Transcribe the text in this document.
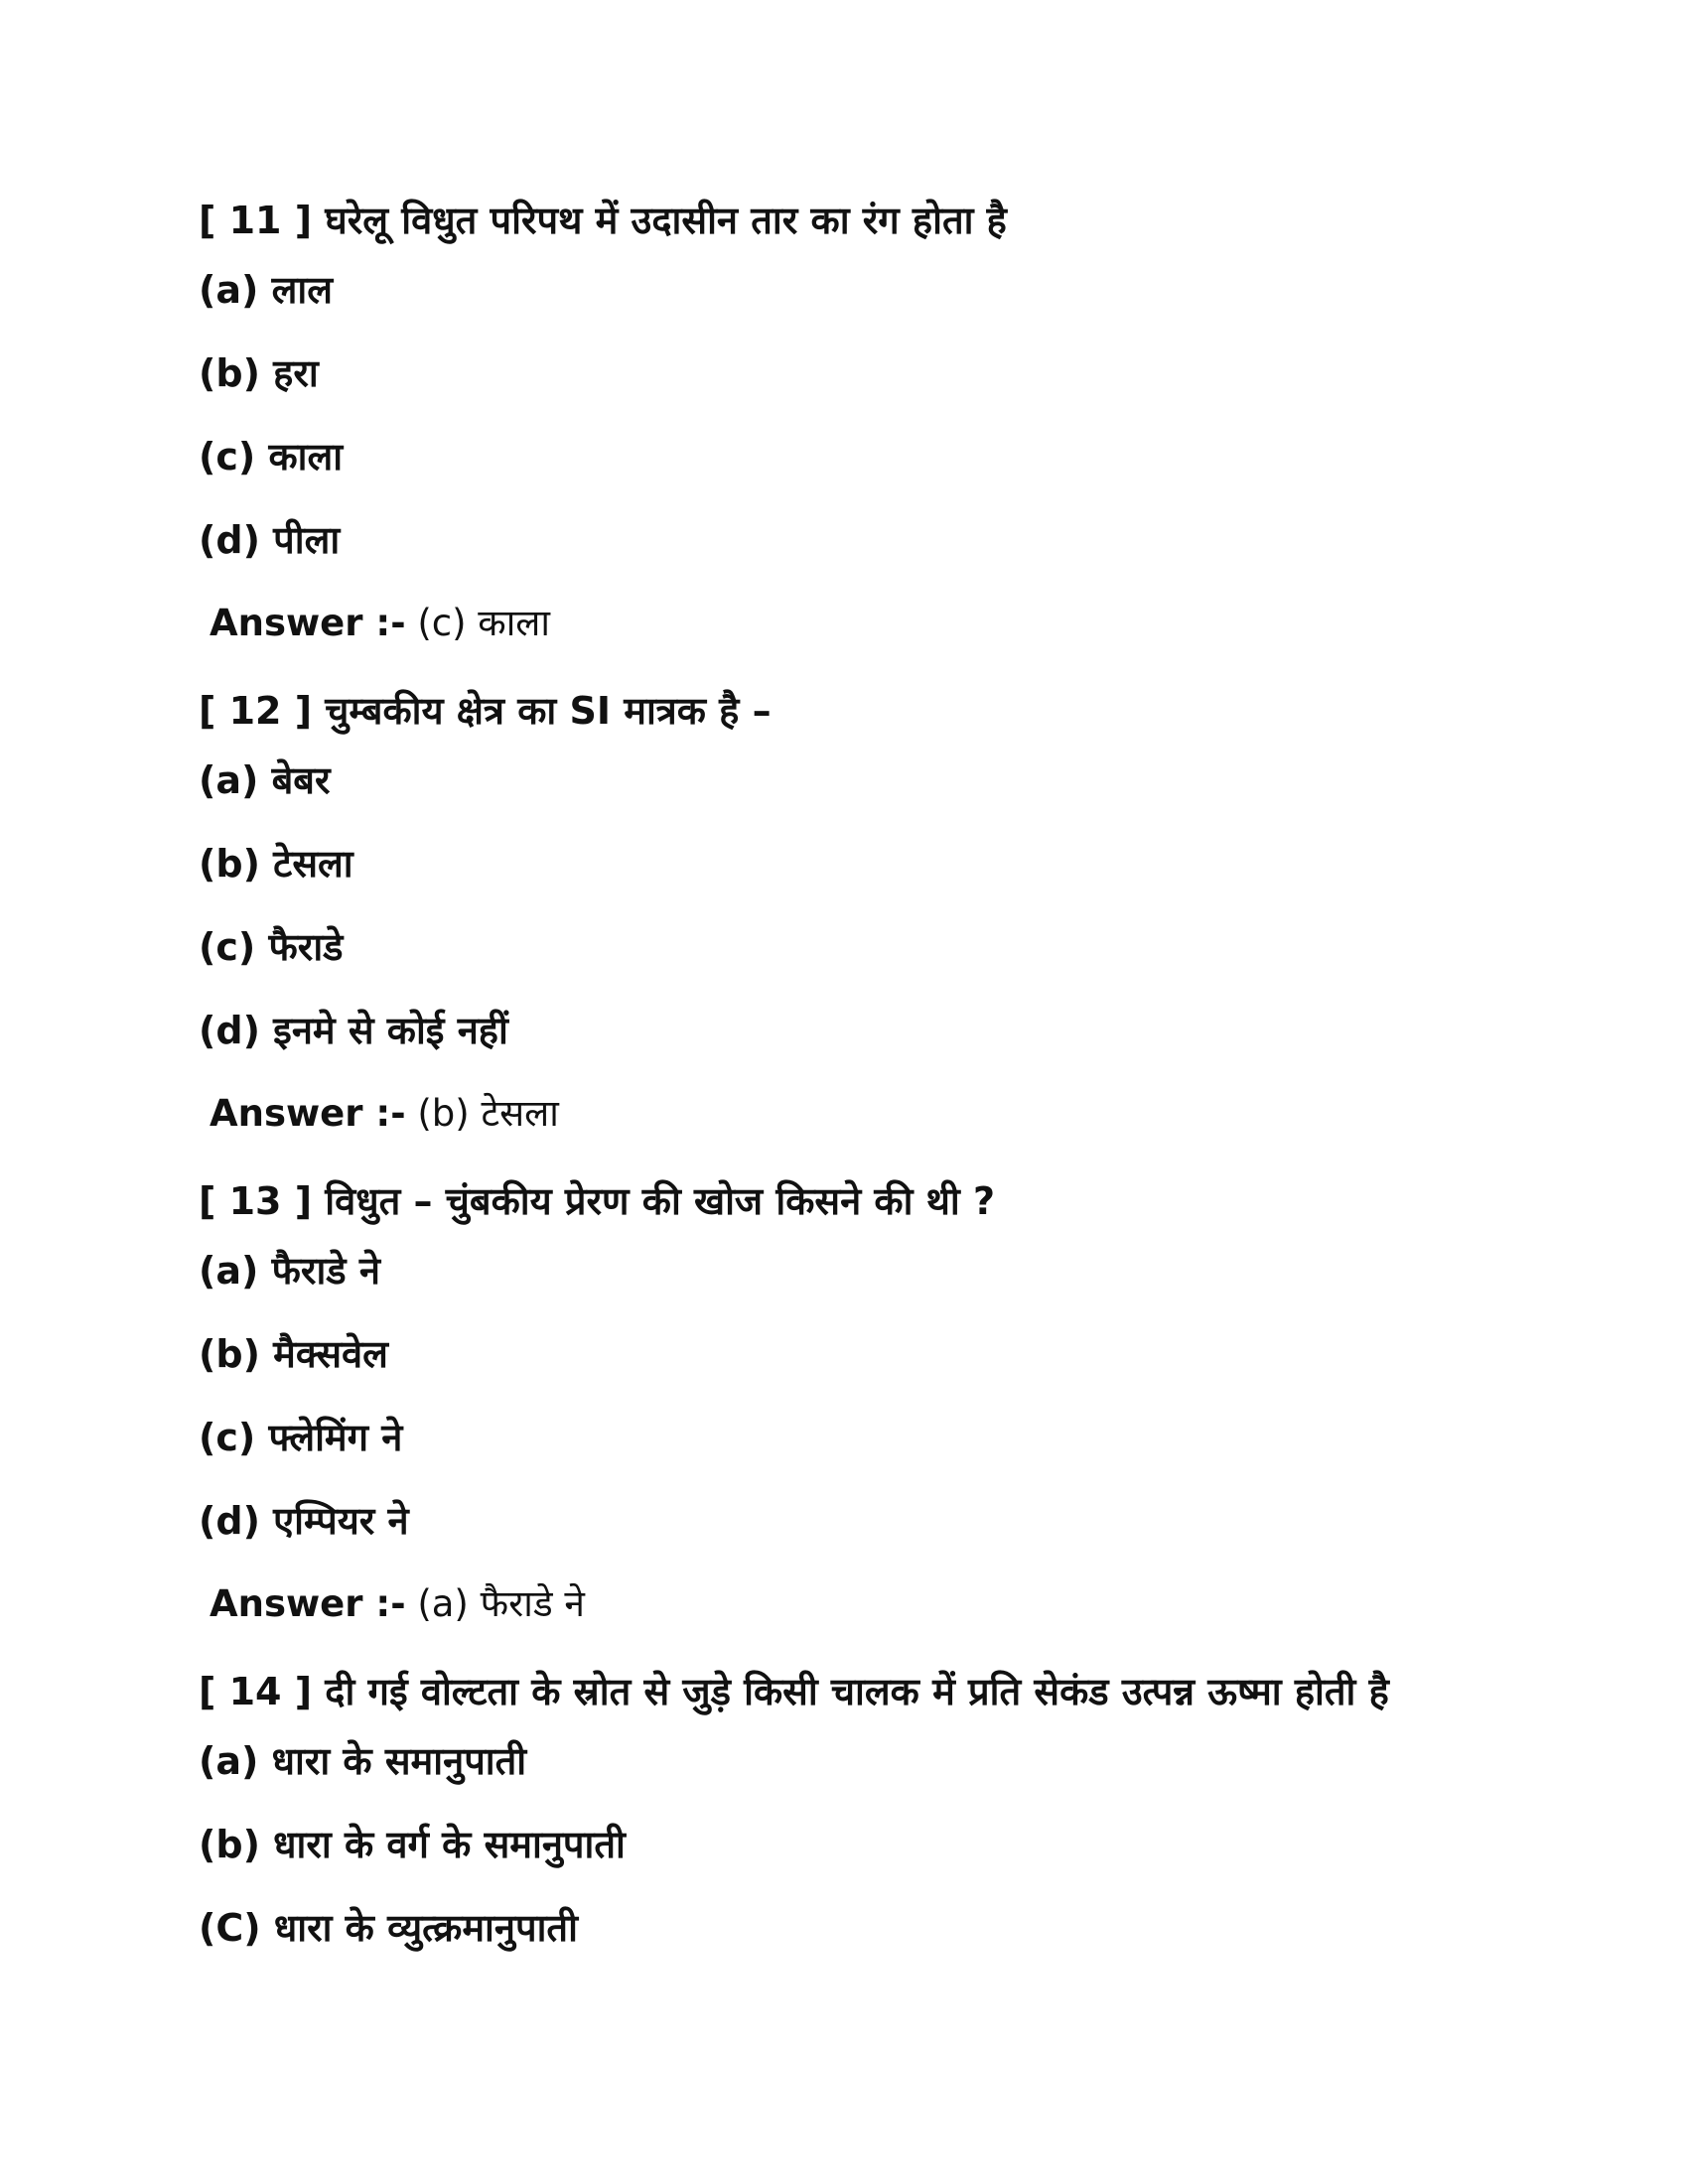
[ 11 ] घरेलू विधुत परिपथ में उदासीन तार का रंग होता है
(a) लाल
(b) हरा
(c) काला
(d) पीला
Answer :- (c) काला
[ 12 ] चुम्बकीय क्षेत्र का SI मात्रक है –
(a) बेबर
(b) टेसला
(c) फैराडे
(d) इनमे से कोई नहीं
Answer :- (b) टेसला
[ 13 ] विधुत – चुंबकीय प्रेरण की खोज किसने की थी ?
(a) फैराडे ने
(b) मैक्सवेल
(c) फ्लेमिंग ने
(d) एम्पियर ने
Answer :- (a) फैराडे ने
[ 14 ] दी गई वोल्टता के स्रोत से जुड़े किसी चालक में प्रति सेकंड उत्पन्न ऊष्मा होती है
(a) धारा के समानुपाती
(b) धारा के वर्ग के समानुपाती
(C) धारा के व्युत्क्रमानुपाती
